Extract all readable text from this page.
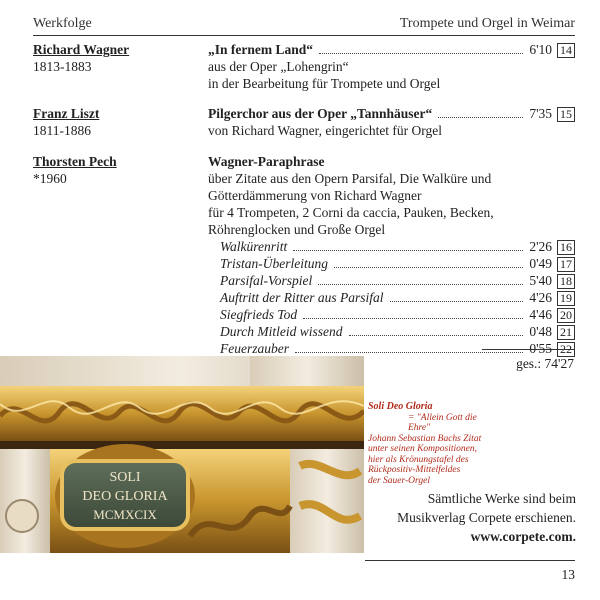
Werkfolge	Trompete und Orgel in Weimar
Richard Wagner
1813-1883
„In fernem Land“	6'10 14
aus der Oper „Lohengrin“
in der Bearbeitung für Trompete und Orgel
Franz Liszt
1811-1886
Pilgerchor aus der Oper „Tannhäuser“	7'35 15
von Richard Wagner, eingerichtet für Orgel
Thorsten Pech
*1960
Wagner-Paraphrase
über Zitate aus den Opern Parsifal, Die Walküre und
Götterdämmerung von Richard Wagner
für 4 Trompeten, 2 Corni da caccia, Pauken, Becken,
Röhrenglocken und Große Orgel
Walkürenritt	2'26 16
Tristan-Überleitung	0'49 17
Parsifal-Vorspiel	5'40 18
Auftritt der Ritter aus Parsifal	4'26 19
Siegfrieds Tod	4'46 20
Durch Mitleid wissend	0'48 21
Feuerzauber	0'55 22
ges.: 74'27
SOLI
DEO GLORIA
MCMXCIX
Soli Deo Gloria
= "Allein Gott die Ehre"
Johann Sebastian Bachs Zitat
unter seinen Kompositionen,
hier als Krönungstafel des
Rückpositiv-Mittelfeldes
der Sauer-Orgel
Sämtliche Werke sind beim
Musikverlag Corpete erschienen.
www.corpete.com.
13
